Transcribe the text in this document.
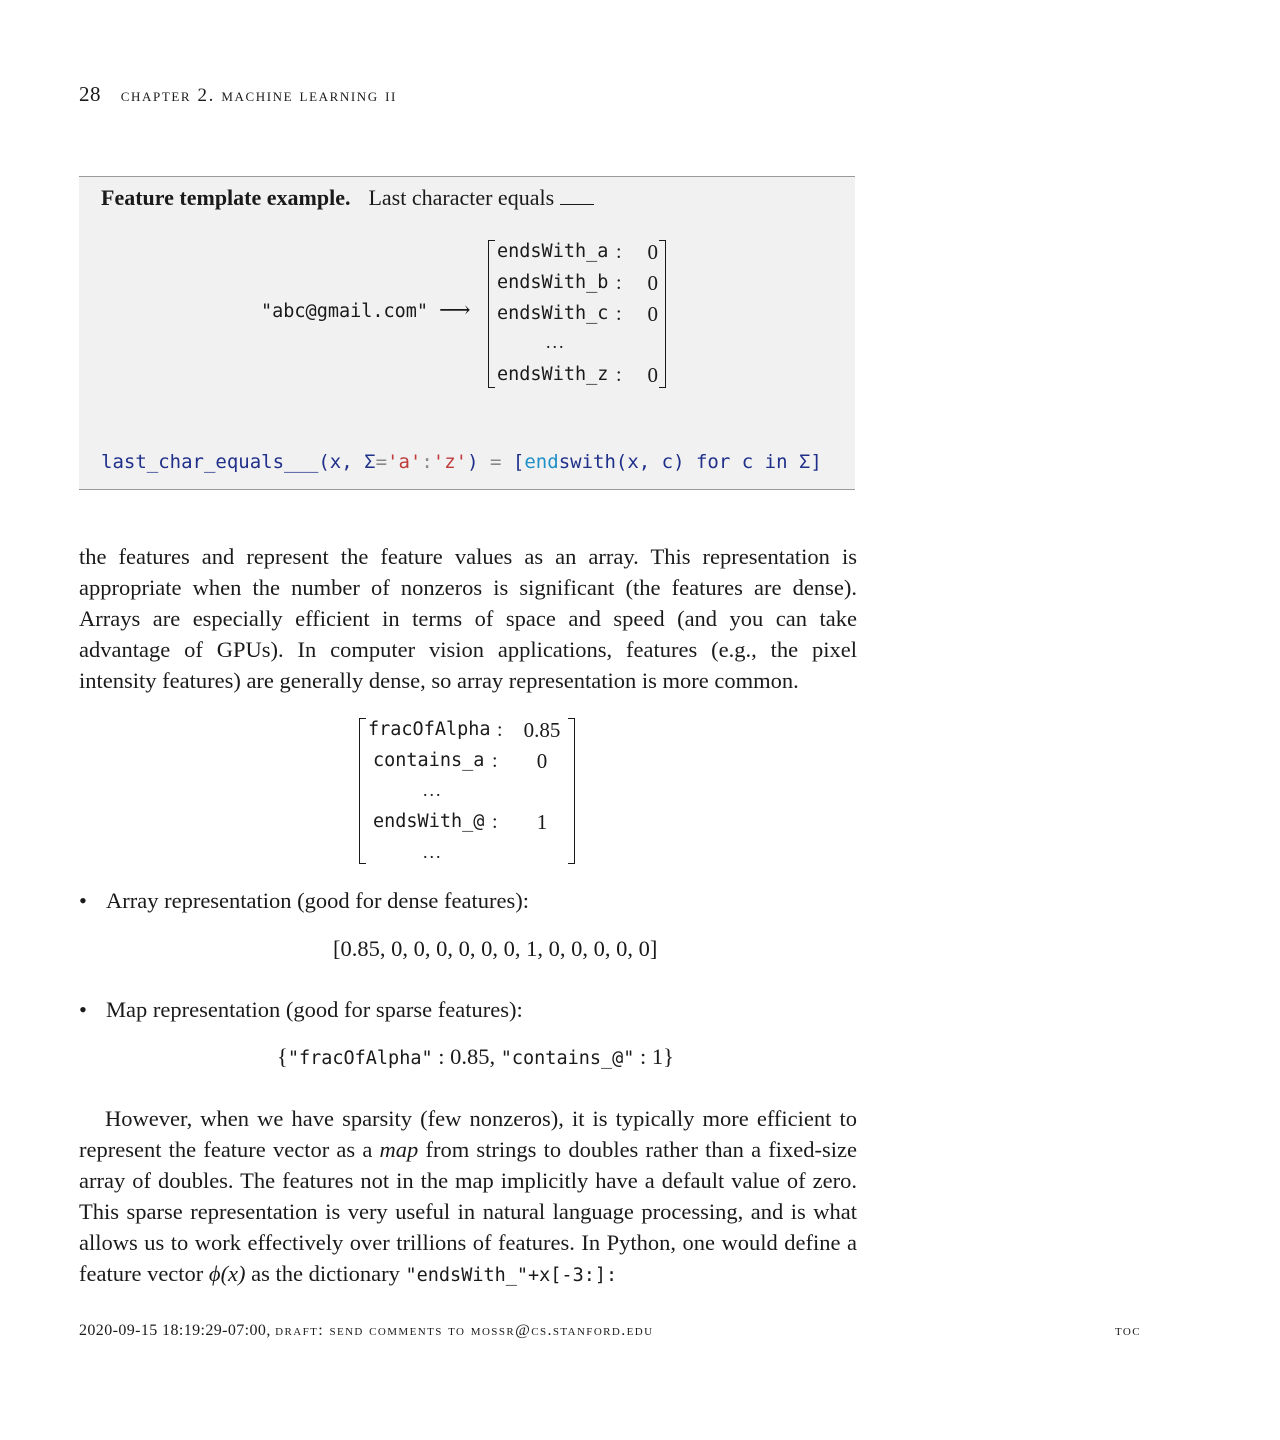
28 chapter 2. machine learning ii
Feature template example. Last character equals
"abc@gmail.com" ⟶
endsWith_a :	0
endsWith_b :	0
endsWith_c :	0
...
endsWith_z :	0
last_char_equals___(x, Σ='a':'z') = [endswith(x, c) for c in Σ]

the features and represent the feature values as an array. This representation is appropriate when the number of nonzeros is significant (the features are dense). Arrays are especially efficient in terms of space and speed (and you can take advantage of GPUs). In computer vision applications, features (e.g., the pixel intensity features) are generally dense, so array representation is more common.

fracOfAlpha : 0.85
contains_a :	0
...
endsWith_@ :	1
...
• Array representation (good for dense features):
[0.85, 0, 0, 0, 0, 0, 0, 1, 0, 0, 0, 0, 0]
• Map representation (good for sparse features):
{"fracOfAlpha" : 0.85, "contains_@" : 1}

However, when we have sparsity (few nonzeros), it is typically more efficient to represent the feature vector as a map from strings to doubles rather than a fixed-size array of doubles. The features not in the map implicitly have a default value of zero. This sparse representation is very useful in natural language processing, and is what allows us to work effectively over trillions of features. In Python, one would define a feature vector ϕ(x) as the dictionary "endsWith_"+x[-3:]:

2020-09-15 18:19:29-07:00, draft: send comments to mossr@cs.stanford.edu	toc
